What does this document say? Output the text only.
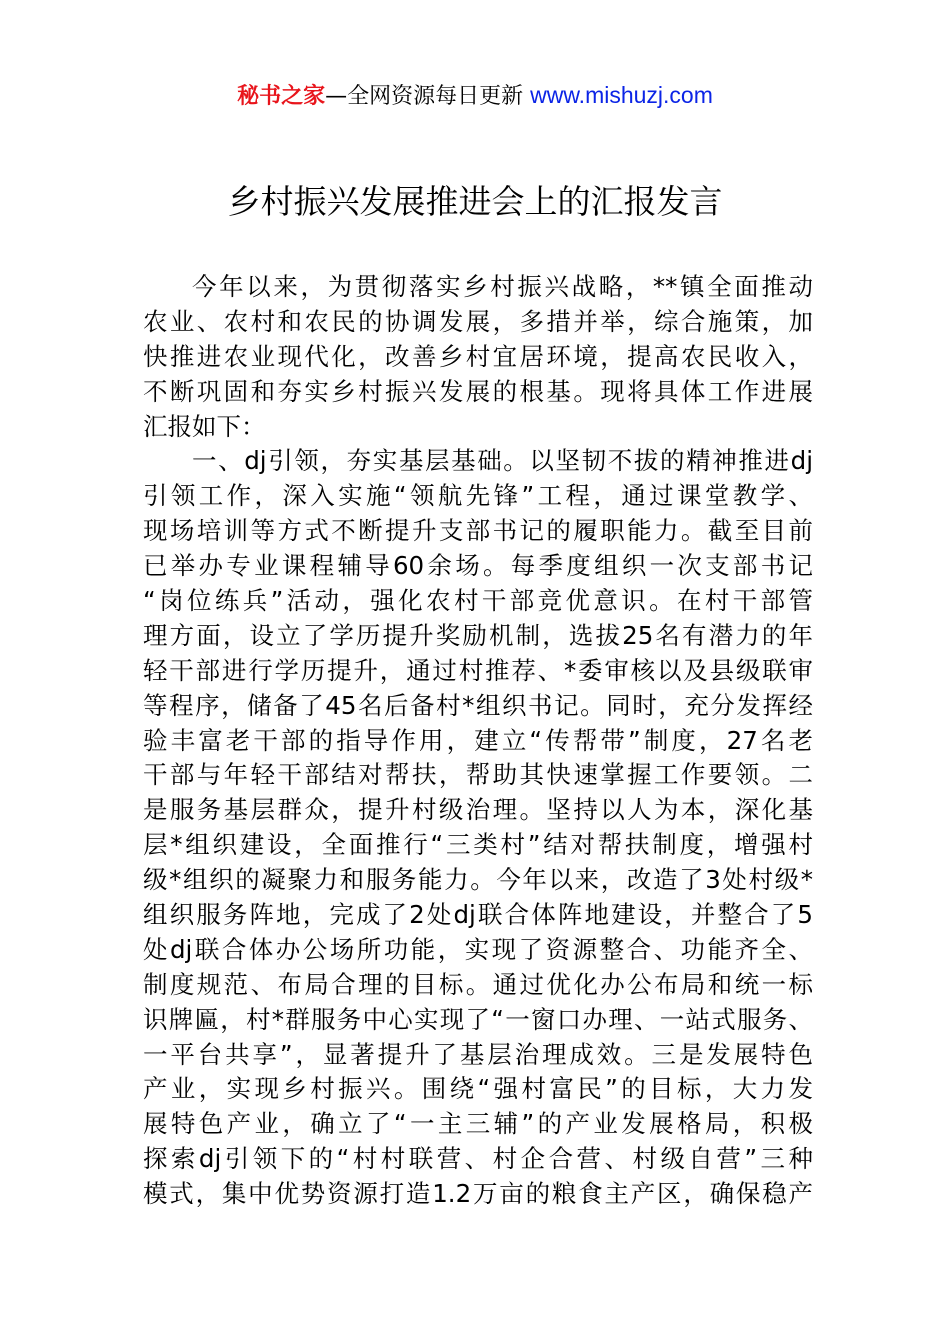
秘书之家—全网资源每日更新 www.mishuzj.com
乡村振兴发展推进会上的汇报发言
今年以来，为贯彻落实乡村振兴战略，**镇全面推动
农业、农村和农民的协调发展，多措并举，综合施策，加
快推进农业现代化，改善乡村宜居环境，提高农民收入，
不断巩固和夯实乡村振兴发展的根基。现将具体工作进展
汇报如下：
一、dj引领，夯实基层基础。以坚韧不拔的精神推进dj
引领工作，深入实施“领航先锋”工程，通过课堂教学、
现场培训等方式不断提升支部书记的履职能力。截至目前
已举办专业课程辅导60余场。每季度组织一次支部书记
“岗位练兵”活动，强化农村干部竞优意识。在村干部管
理方面，设立了学历提升奖励机制，选拔25名有潜力的年
轻干部进行学历提升，通过村推荐、*委审核以及县级联审
等程序，储备了45名后备村*组织书记。同时，充分发挥经
验丰富老干部的指导作用，建立“传帮带”制度，27名老
干部与年轻干部结对帮扶，帮助其快速掌握工作要领。二
是服务基层群众，提升村级治理。坚持以人为本，深化基
层*组织建设，全面推行“三类村”结对帮扶制度，增强村
级*组织的凝聚力和服务能力。今年以来，改造了3处村级*
组织服务阵地，完成了2处dj联合体阵地建设，并整合了5
处dj联合体办公场所功能，实现了资源整合、功能齐全、
制度规范、布局合理的目标。通过优化办公布局和统一标
识牌匾，村*群服务中心实现了“一窗口办理、一站式服务、
一平台共享”，显著提升了基层治理成效。三是发展特色
产业，实现乡村振兴。围绕“强村富民”的目标，大力发
展特色产业，确立了“一主三辅”的产业发展格局，积极
探索dj引领下的“村村联营、村企合营、村级自营”三种
模式，集中优势资源打造1.2万亩的粮食主产区，确保稳产
